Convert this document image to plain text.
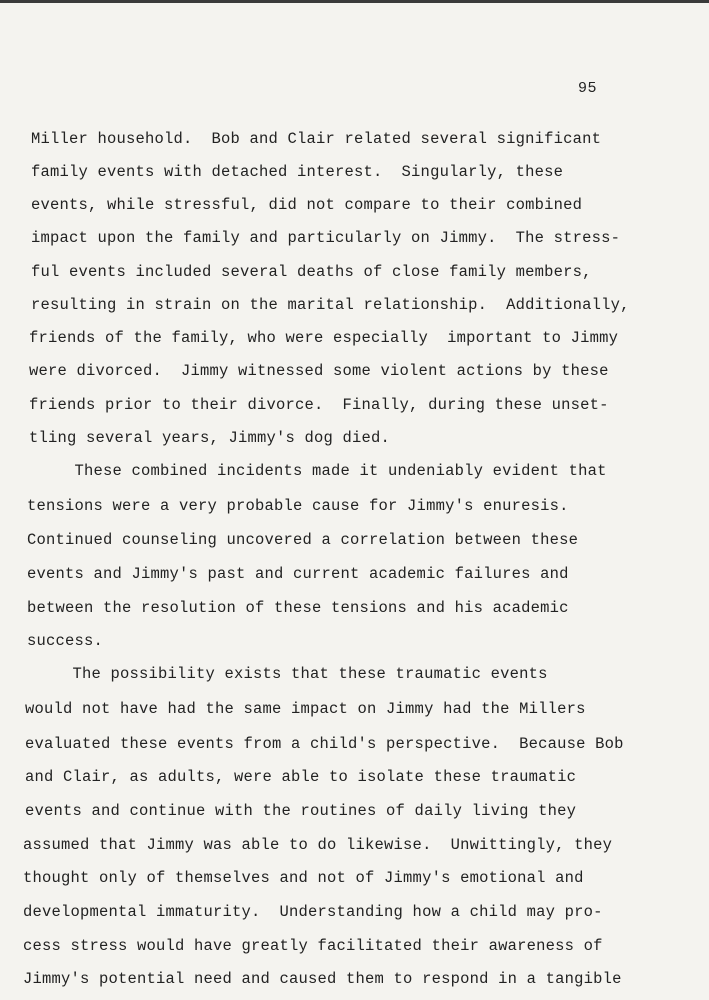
95
Miller household.  Bob and Clair related several significant
family events with detached interest.  Singularly, these
events, while stressful, did not compare to their combined
impact upon the family and particularly on Jimmy.  The stress-
ful events included several deaths of close family members,
resulting in strain on the marital relationship.  Additionally,
friends of the family, who were especially  important to Jimmy
were divorced.  Jimmy witnessed some violent actions by these
friends prior to their divorce.  Finally, during these unset-
tling several years, Jimmy's dog died.
These combined incidents made it undeniably evident that
tensions were a very probable cause for Jimmy's enuresis.
Continued counseling uncovered a correlation between these
events and Jimmy's past and current academic failures and
between the resolution of these tensions and his academic
success.
The possibility exists that these traumatic events
would not have had the same impact on Jimmy had the Millers
evaluated these events from a child's perspective.  Because Bob
and Clair, as adults, were able to isolate these traumatic
events and continue with the routines of daily living they
assumed that Jimmy was able to do likewise.  Unwittingly, they
thought only of themselves and not of Jimmy's emotional and
developmental immaturity.  Understanding how a child may pro-
cess stress would have greatly facilitated their awareness of
Jimmy's potential need and caused them to respond in a tangible
